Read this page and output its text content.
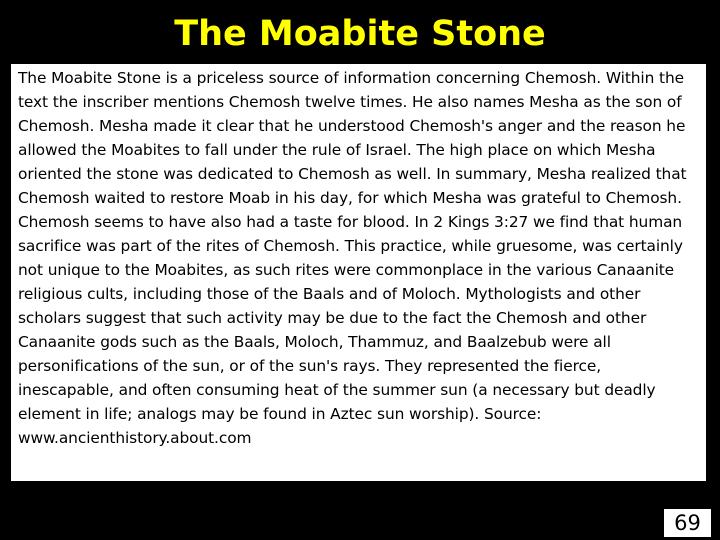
The Moabite Stone

The Moabite Stone is a priceless source of information concerning Chemosh. Within the text the inscriber mentions Chemosh twelve times. He also names Mesha as the son of Chemosh. Mesha made it clear that he understood Chemosh's anger and the reason he allowed the Moabites to fall under the rule of Israel. The high place on which Mesha oriented the stone was dedicated to Chemosh as well. In summary, Mesha realized that Chemosh waited to restore Moab in his day, for which Mesha was grateful to Chemosh. Chemosh seems to have also had a taste for blood. In 2 Kings 3:27 we find that human sacrifice was part of the rites of Chemosh. This practice, while gruesome, was certainly not unique to the Moabites, as such rites were commonplace in the various Canaanite religious cults, including those of the Baals and of Moloch. Mythologists and other scholars suggest that such activity may be due to the fact the Chemosh and other Canaanite gods such as the Baals, Moloch, Thammuz, and Baalzebub were all personifications of the sun, or of the sun's rays. They represented the fierce, inescapable, and often consuming heat of the summer sun (a necessary but deadly element in life; analogs may be found in Aztec sun worship). Source: www.ancienthistory.about.com

69
